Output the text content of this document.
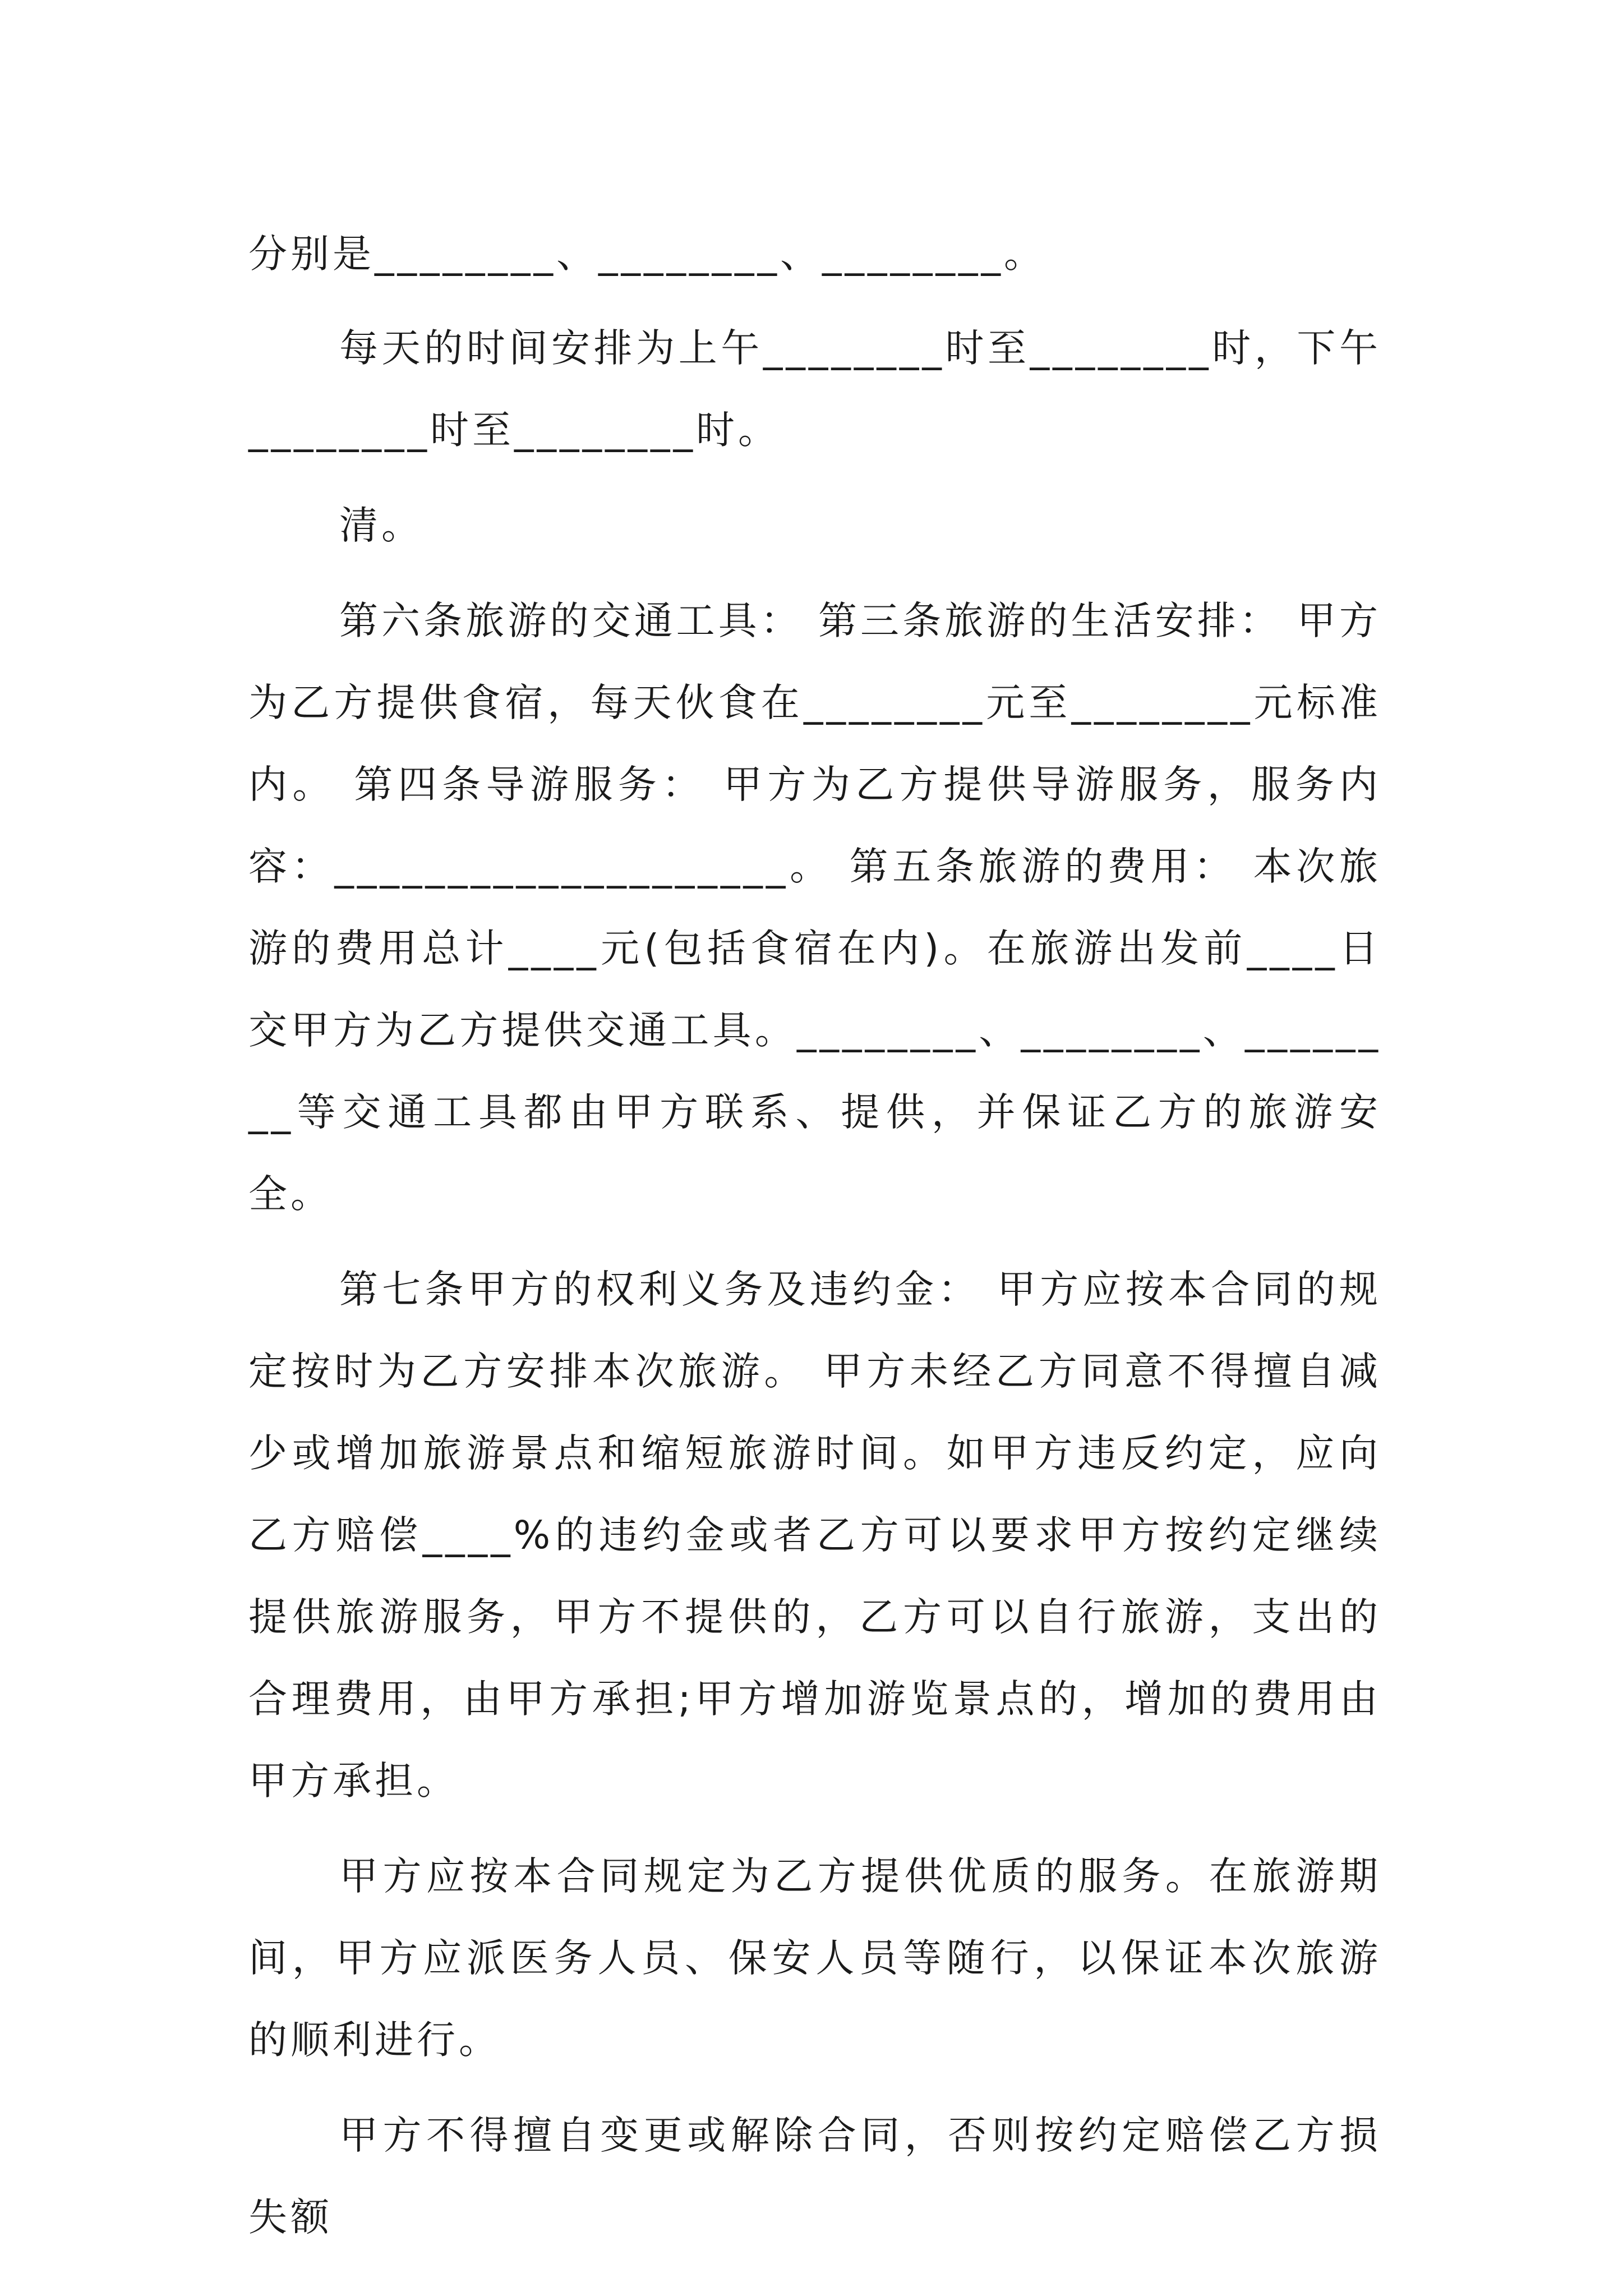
分别是________、________、________。

每天的时间安排为上午________时至________时，下午________时至________时。

清。

第六条旅游的交通工具： 第三条旅游的生活安排： 甲方为乙方提供食宿，每天伙食在________元至________元标准内。 第四条导游服务： 甲方为乙方提供导游服务，服务内容：____________________。 第五条旅游的费用： 本次旅游的费用总计____元(包括食宿在内)。在旅游出发前____日交甲方为乙方提供交通工具。________、________、________等交通工具都由甲方联系、提供，并保证乙方的旅游安全。

第七条甲方的权利义务及违约金： 甲方应按本合同的规定按时为乙方安排本次旅游。 甲方未经乙方同意不得擅自减少或增加旅游景点和缩短旅游时间。如甲方违反约定，应向乙方赔偿____%的违约金或者乙方可以要求甲方按约定继续提供旅游服务，甲方不提供的，乙方可以自行旅游，支出的合理费用，由甲方承担;甲方增加游览景点的，增加的费用由甲方承担。

甲方应按本合同规定为乙方提供优质的服务。在旅游期间，甲方应派医务人员、保安人员等随行，以保证本次旅游的顺利进行。

甲方不得擅自变更或解除合同，否则按约定赔偿乙方损失额
